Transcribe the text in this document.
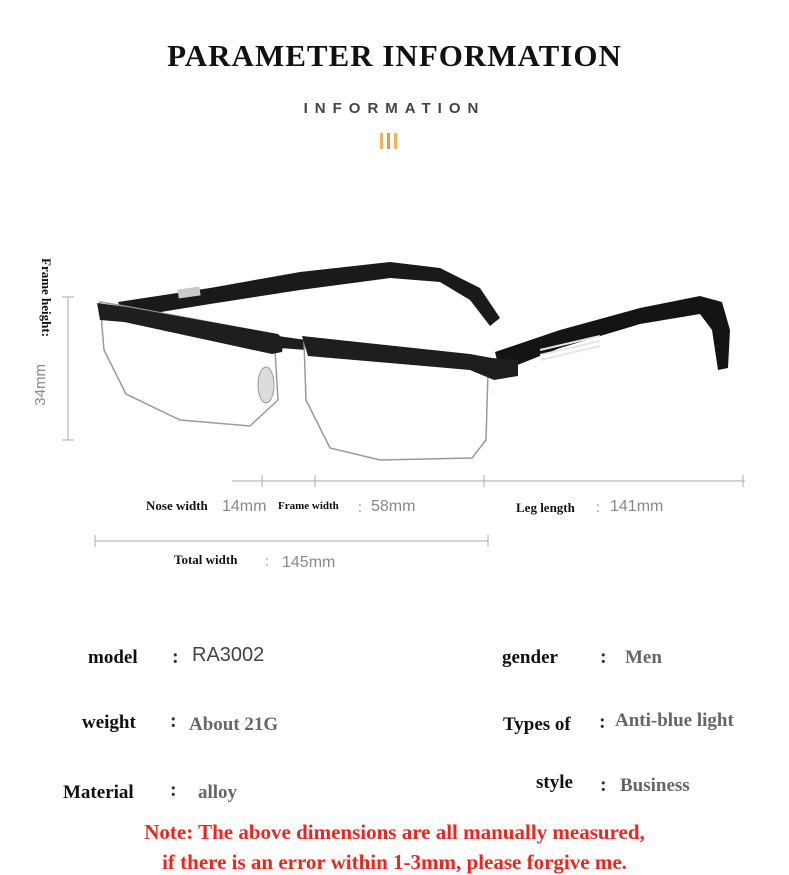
PARAMETER INFORMATION
INFORMATION
Frame height:
34mm
Nose width 14mm Frame width : 58mm	Leg length : 141mm
Total width : 145mm
model : RA3002	gender : Men
weight : About 21G	Types of : Anti-blue light
Material : alloy	style : Business
Note: The above dimensions are all manually measured,
if there is an error within 1-3mm, please forgive me.
